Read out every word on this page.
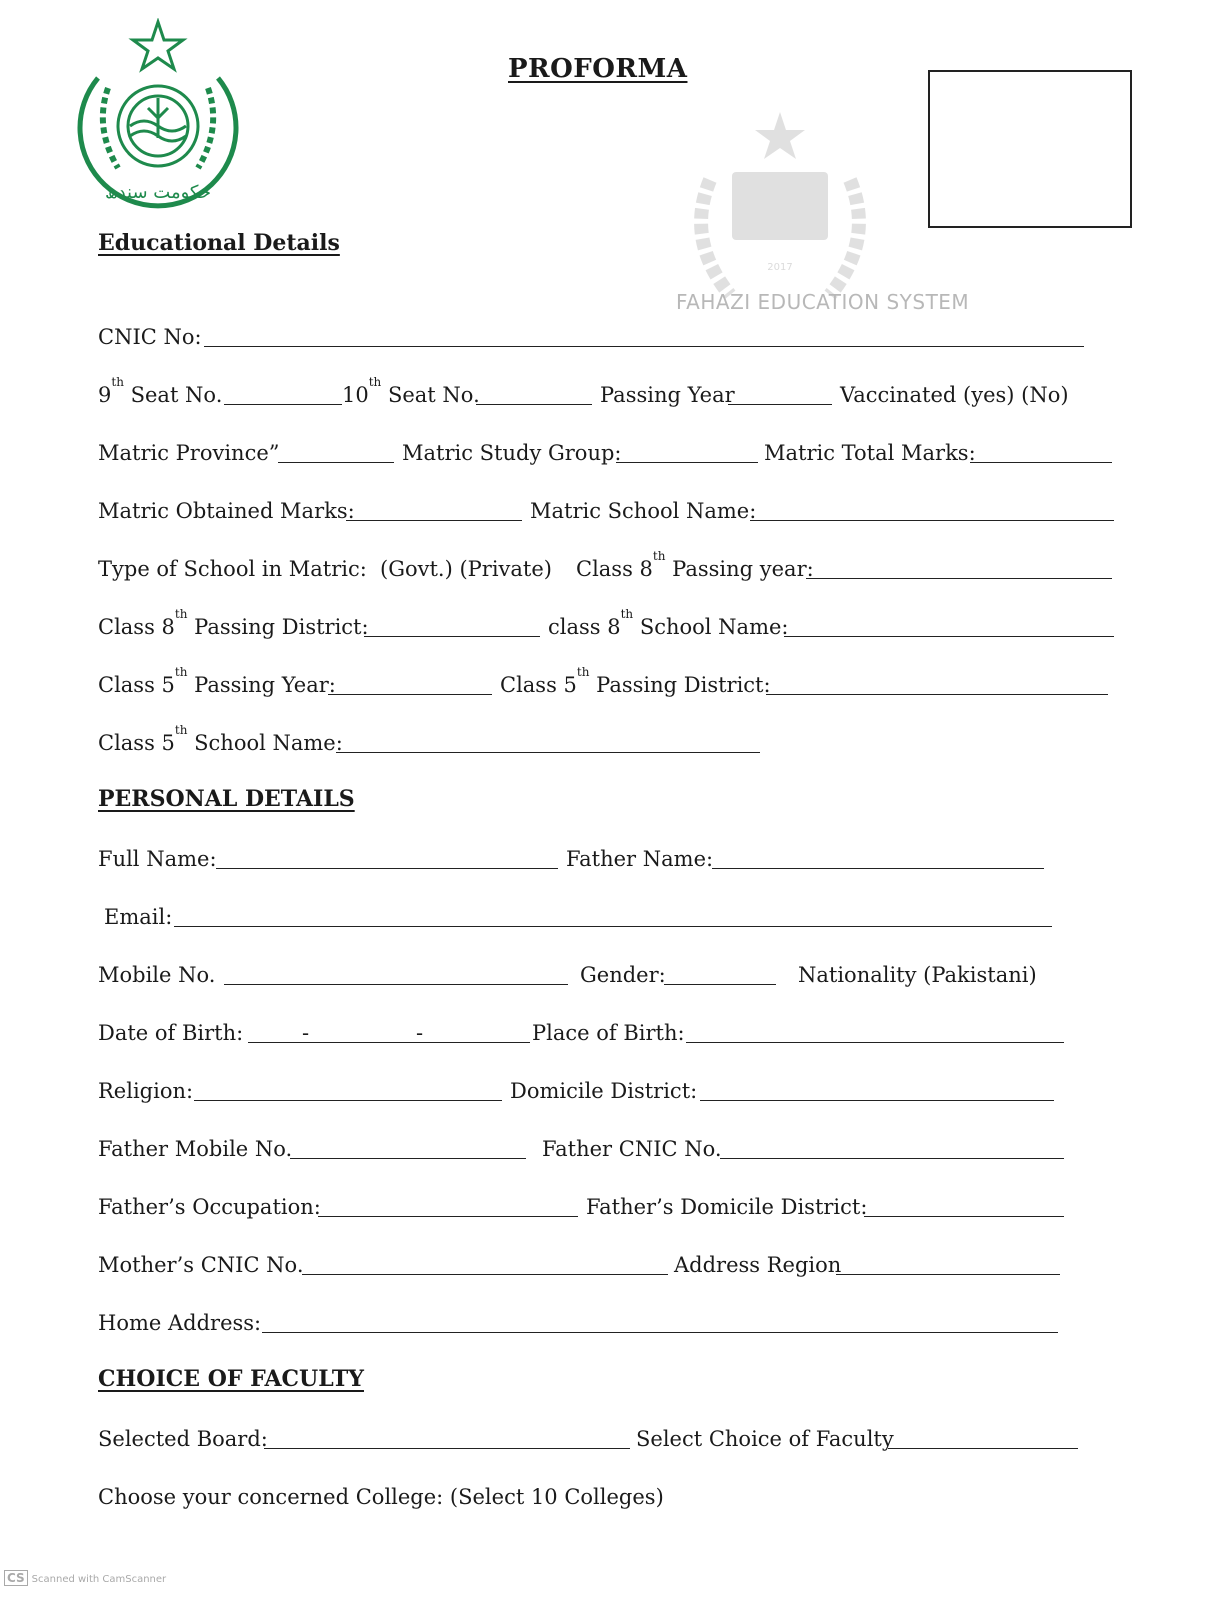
حکومت سندھ
PROFORMA
2017
FAHAZI EDUCATION SYSTEM
Educational Details
CNIC No:
9th Seat No.	10th Seat No.	Passing Year	Vaccinated (yes) (No)
Matric Province”	Matric Study Group:	Matric Total Marks:
Matric Obtained Marks:	Matric School Name:
Type of School in Matric: (Govt.) (Private) Class 8th Passing year:
Class 8th Passing District:	class 8th School Name:
Class 5th Passing Year:	Class 5th Passing District:
Class 5th School Name:
PERSONAL DETAILS
Full Name:	Father Name:
Email:
Mobile No.	Gender:	Nationality (Pakistani)
Date of Birth:	-	-	Place of Birth:
Religion:	Domicile District:
Father Mobile No.	Father CNIC No.
Father’s Occupation:	Father’s Domicile District:
Mother’s CNIC No.	Address Region
Home Address:
CHOICE OF FACULTY
Selected Board:	Select Choice of Faculty
Choose your concerned College: (Select 10 Colleges)
CS Scanned with CamScanner
